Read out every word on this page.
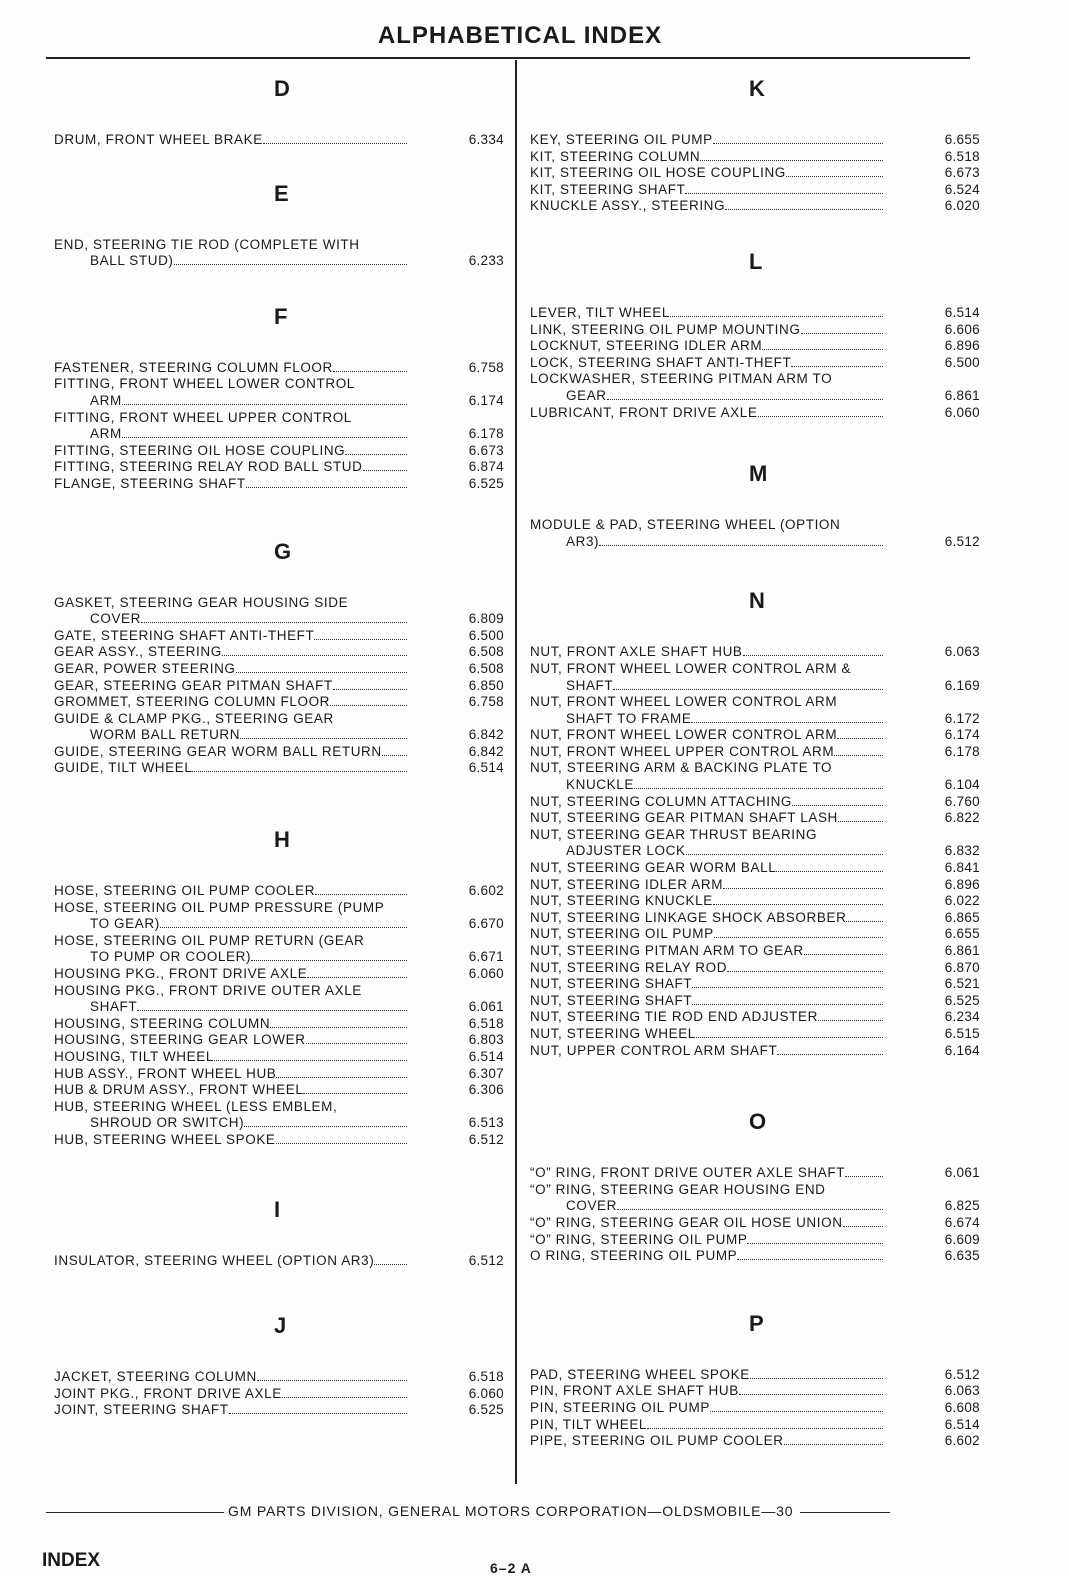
ALPHABETICAL INDEX
D
DRUM, FRONT WHEEL BRAKE	6.334
E
END, STEERING TIE ROD (COMPLETE WITH
BALL STUD)	6.233
F
FASTENER, STEERING COLUMN FLOOR	6.758
FITTING, FRONT WHEEL LOWER CONTROL
ARM	6.174
FITTING, FRONT WHEEL UPPER CONTROL
ARM	6.178
FITTING, STEERING OIL HOSE COUPLING	6.673
FITTING, STEERING RELAY ROD BALL STUD	6.874
FLANGE, STEERING SHAFT	6.525
G
GASKET, STEERING GEAR HOUSING SIDE
COVER	6.809
GATE, STEERING SHAFT ANTI-THEFT	6.500
GEAR ASSY., STEERING	6.508
GEAR, POWER STEERING	6.508
GEAR, STEERING GEAR PITMAN SHAFT	6.850
GROMMET, STEERING COLUMN FLOOR	6.758
GUIDE & CLAMP PKG., STEERING GEAR
WORM BALL RETURN	6.842
GUIDE, STEERING GEAR WORM BALL RETURN	6.842
GUIDE, TILT WHEEL	6.514
H
HOSE, STEERING OIL PUMP COOLER	6.602
HOSE, STEERING OIL PUMP PRESSURE (PUMP
TO GEAR)	6.670
HOSE, STEERING OIL PUMP RETURN (GEAR
TO PUMP OR COOLER)	6.671
HOUSING PKG., FRONT DRIVE AXLE	6.060
HOUSING PKG., FRONT DRIVE OUTER AXLE
SHAFT	6.061
HOUSING, STEERING COLUMN	6.518
HOUSING, STEERING GEAR LOWER	6.803
HOUSING, TILT WHEEL	6.514
HUB ASSY., FRONT WHEEL HUB	6.307
HUB & DRUM ASSY., FRONT WHEEL	6.306
HUB, STEERING WHEEL (LESS EMBLEM,
SHROUD OR SWITCH)	6.513
HUB, STEERING WHEEL SPOKE	6.512
I
INSULATOR, STEERING WHEEL (OPTION AR3)	6.512
J
JACKET, STEERING COLUMN	6.518
JOINT PKG., FRONT DRIVE AXLE	6.060
JOINT, STEERING SHAFT	6.525
K
KEY, STEERING OIL PUMP	6.655
KIT, STEERING COLUMN	6.518
KIT, STEERING OIL HOSE COUPLING	6.673
KIT, STEERING SHAFT	6.524
KNUCKLE ASSY., STEERING	6.020
L
LEVER, TILT WHEEL	6.514
LINK, STEERING OIL PUMP MOUNTING	6.606
LOCKNUT, STEERING IDLER ARM	6.896
LOCK, STEERING SHAFT ANTI-THEFT	6.500
LOCKWASHER, STEERING PITMAN ARM TO
GEAR	6.861
LUBRICANT, FRONT DRIVE AXLE	6.060
M
MODULE & PAD, STEERING WHEEL (OPTION
AR3)	6.512
N
NUT, FRONT AXLE SHAFT HUB	6.063
NUT, FRONT WHEEL LOWER CONTROL ARM &
SHAFT	6.169
NUT, FRONT WHEEL LOWER CONTROL ARM
SHAFT TO FRAME	6.172
NUT, FRONT WHEEL LOWER CONTROL ARM	6.174
NUT, FRONT WHEEL UPPER CONTROL ARM	6.178
NUT, STEERING ARM & BACKING PLATE TO
KNUCKLE	6.104
NUT, STEERING COLUMN ATTACHING	6.760
NUT, STEERING GEAR PITMAN SHAFT LASH	6.822
NUT, STEERING GEAR THRUST BEARING
ADJUSTER LOCK	6.832
NUT, STEERING GEAR WORM BALL	6.841
NUT, STEERING IDLER ARM	6.896
NUT, STEERING KNUCKLE	6.022
NUT, STEERING LINKAGE SHOCK ABSORBER	6.865
NUT, STEERING OIL PUMP	6.655
NUT, STEERING PITMAN ARM TO GEAR	6.861
NUT, STEERING RELAY ROD	6.870
NUT, STEERING SHAFT	6.521
NUT, STEERING SHAFT	6.525
NUT, STEERING TIE ROD END ADJUSTER	6.234
NUT, STEERING WHEEL	6.515
NUT, UPPER CONTROL ARM SHAFT	6.164
O
“O” RING, FRONT DRIVE OUTER AXLE SHAFT	6.061
“O” RING, STEERING GEAR HOUSING END
COVER	6.825
“O” RING, STEERING GEAR OIL HOSE UNION	6.674
“O” RING, STEERING OIL PUMP	6.609
O RING, STEERING OIL PUMP	6.635
P
PAD, STEERING WHEEL SPOKE	6.512
PIN, FRONT AXLE SHAFT HUB	6.063
PIN, STEERING OIL PUMP	6.608
PIN, TILT WHEEL	6.514
PIPE, STEERING OIL PUMP COOLER	6.602
GM PARTS DIVISION, GENERAL MOTORS CORPORATION—OLDSMOBILE—30
INDEX	6–2 A
